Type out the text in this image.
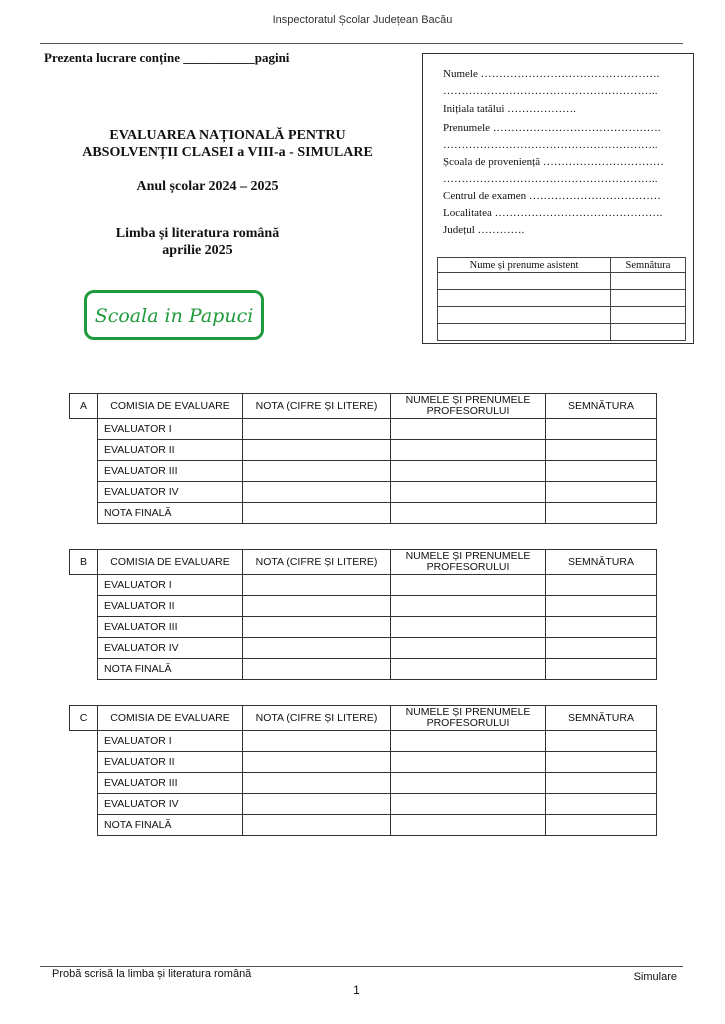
Inspectoratul Școlar Județean Bacău
Prezenta lucrare conține ___________pagini
EVALUAREA NAȚIONALĂ PENTRU
ABSOLVENȚII CLASEI a VIII-a - SIMULARE
Anul școlar 2024 – 2025
Limba și literatura română
aprilie 2025
Scoala in Papuci
Numele ………………………………………….
…………………………………………………..
Inițiala tatălui ……………….
Prenumele ……………………………………….
…………………………………………………..
Școala de proveniență ……………………………
…………………………………………………..
Centrul de examen ………………………………
Localitatea ……………………………………….
Județul ………….
Nume și prenume asistent	Semnătura

A	COMISIA DE EVALUARE	NOTA (CIFRE ȘI LITERE)	NUMELE ȘI PRENUMELE PROFESORULUI	SEMNĂTURA
	EVALUATOR I			
	EVALUATOR II			
	EVALUATOR III			
	EVALUATOR IV			
	NOTA FINALĂ			
B	COMISIA DE EVALUARE	NOTA (CIFRE ȘI LITERE)	NUMELE ȘI PRENUMELE PROFESORULUI	SEMNĂTURA
	EVALUATOR I			
	EVALUATOR II			
	EVALUATOR III			
	EVALUATOR IV			
	NOTA FINALĂ			
C	COMISIA DE EVALUARE	NOTA (CIFRE ȘI LITERE)	NUMELE ȘI PRENUMELE PROFESORULUI	SEMNĂTURA
	EVALUATOR I			
	EVALUATOR II			
	EVALUATOR III			
	EVALUATOR IV			
	NOTA FINALĂ			
Probă scrisă la limba și literatura română	Simulare
1
